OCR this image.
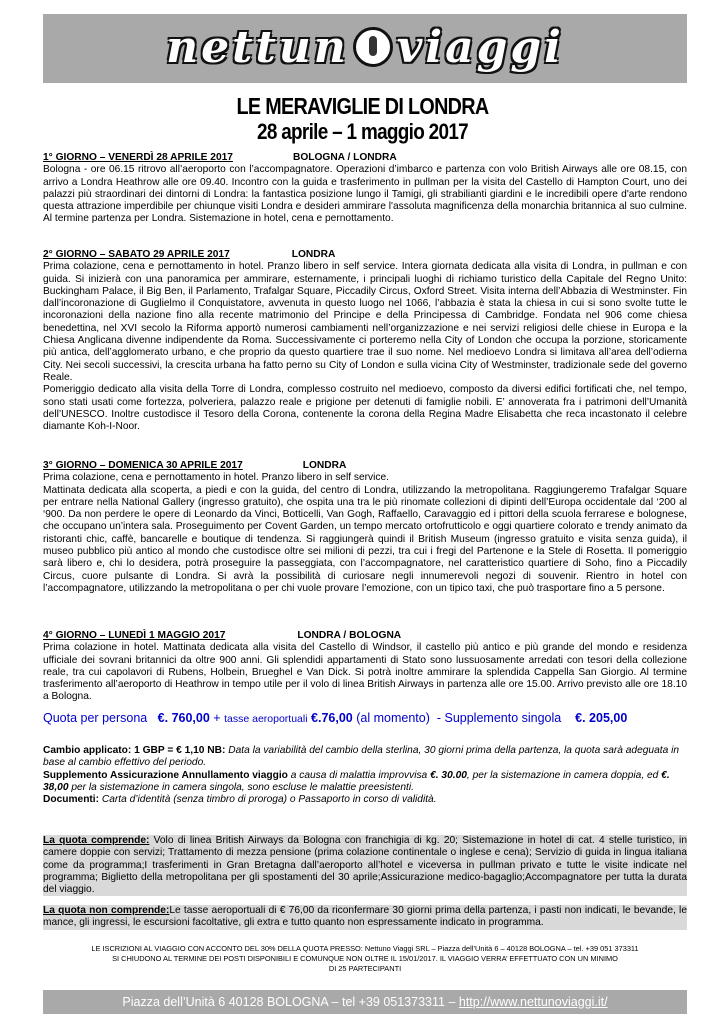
nettun viaggi
LE MERAVIGLIE DI LONDRA
28 aprile – 1 maggio 2017
1° GIORNO – VENERDÌ 28 APRILE 2017	BOLOGNA / LONDRA

Bologna - ore 06.15 ritrovo all’aeroporto con l’accompagnatore. Operazioni d’imbarco e partenza con volo British Airways alle ore 08.15, con arrivo a Londra Heathrow alle ore 09.40. Incontro con la guida e trasferimento in pullman per la visita del Castello di Hampton Court, uno dei palazzi più straordinari dei dintorni di Londra: la fantastica posizione lungo il Tamigi, gli strabilianti giardini e le incredibili opere d'arte rendono questa attrazione imperdibile per chiunque visiti Londra e desideri ammirare l'assoluta magnificenza della monarchia britannica al suo culmine. Al termine partenza per Londra. Sistemazione in hotel, cena e pernottamento.

2° GIORNO – SABATO 29 APRILE 2017	LONDRA

Prima colazione, cena e pernottamento in hotel. Pranzo libero in self service. Intera giornata dedicata alla visita di Londra, in pullman e con guida. Si inizierà con una panoramica per ammirare, esternamente, i principali luoghi di richiamo turistico della Capitale del Regno Unito: Buckingham Palace, il Big Ben, il Parlamento, Trafalgar Square, Piccadily Circus, Oxford Street. Visita interna dell’Abbazia di Westminster. Fin dall’incoronazione di Guglielmo il Conquistatore, avvenuta in questo luogo nel 1066, l’abbazia è stata la chiesa in cui si sono svolte tutte le incoronazioni della nazione fino alla recente matrimonio del Principe e della Principessa di Cambridge. Fondata nel 906 come chiesa benedettina, nel XVI secolo la Riforma apportò numerosi cambiamenti nell’organizzazione e nei servizi religiosi delle chiese in Europa e la Chiesa Anglicana divenne indipendente da Roma. Successivamente ci porteremo nella City of London che occupa la porzione, storicamente più antica, dell’agglomerato urbano, e che proprio da questo quartiere trae il suo nome. Nel medioevo Londra si limitava all’area dell’odierna City. Nei secoli successivi, la crescita urbana ha fatto perno su City of London e sulla vicina City of Westminster, tradizionale sede del governo Reale.

Pomeriggio dedicato alla visita della Torre di Londra, complesso costruito nel medioevo, composto da diversi edifici fortificati che, nel tempo, sono stati usati come fortezza, polveriera, palazzo reale e prigione per detenuti di famiglie nobili. E’ annoverata fra i patrimoni dell’Umanità dell’UNESCO. Inoltre custodisce il Tesoro della Corona, contenente la corona della Regina Madre Elisabetta che reca incastonato il celebre diamante Koh-I-Noor.

3° GIORNO – DOMENICA 30 APRILE 2017	LONDRA

Prima colazione, cena e pernottamento in hotel. Pranzo libero in self service.

Mattinata dedicata alla scoperta, a piedi e con la guida, del centro di Londra, utilizzando la metropolitana. Raggiungeremo Trafalgar Square per entrare nella National Gallery (ingresso gratuito), che ospita una tra le più rinomate collezioni di dipinti dell’Europa occidentale dal ‘200 al ‘900. Da non perdere le opere di Leonardo da Vinci, Botticelli, Van Gogh, Raffaello, Caravaggio ed i pittori della scuola ferrarese e bolognese, che occupano un’intera sala. Proseguimento per Covent Garden, un tempo mercato ortofrutticolo e oggi quartiere colorato e trendy animato da ristoranti chic, caffè, bancarelle e boutique di tendenza. Si raggiungerà quindi il British Museum (ingresso gratuito e visita senza guida), il museo pubblico più antico al mondo che custodisce oltre sei milioni di pezzi, tra cui i fregi del Partenone e la Stele di Rosetta. Il pomeriggio sarà libero e, chi lo desidera, potrà proseguire la passeggiata, con l’accompagnatore, nel caratteristico quartiere di Soho, fino a Piccadily Circus, cuore pulsante di Londra. Si avrà la possibilità di curiosare negli innumerevoli negozi di souvenir. Rientro in hotel con l’accompagnatore, utilizzando la metropolitana o per chi vuole provare l’emozione, con un tipico taxi, che può trasportare fino a 5 persone.

4° GIORNO – LUNEDÌ 1 MAGGIO 2017	LONDRA / BOLOGNA

Prima colazione in hotel. Mattinata dedicata alla visita del Castello di Windsor, il castello più antico e più grande del mondo e residenza ufficiale dei sovrani britannici da oltre 900 anni. Gli splendidi appartamenti di Stato sono lussuosamente arredati con tesori della collezione reale, tra cui capolavori di Rubens, Holbein, Brueghel e Van Dick. Si potrà inoltre ammirare la splendida Cappella San Giorgio. Al termine trasferimento all’aeroporto di Heathrow in tempo utile per il volo di linea British Airways in partenza alle ore 15.00. Arrivo previsto alle ore 18.10 a Bologna.

Quota per persona €. 760,00 + tasse aeroportuali €.76,00 (al momento) - Supplemento singola €. 205,00

Cambio applicato: 1 GBP = € 1,10 NB: Data la variabilità del cambio della sterlina, 30 giorni prima della partenza, la quota sarà adeguata in base al cambio effettivo del periodo.

Supplemento Assicurazione Annullamento viaggio a causa di malattia improvvisa €. 30.00, per la sistemazione in camera doppia, ed €. 38,00 per la sistemazione in camera singola, sono escluse le malattie preesistenti.

Documenti: Carta d’identità (senza timbro di proroga) o Passaporto in corso di validità.

La quota comprende: Volo di linea British Airways da Bologna con franchigia di kg. 20; Sistemazione in hotel di cat. 4 stelle turistico, in camere doppie con servizi; Trattamento di mezza pensione (prima colazione continentale o inglese e cena); Servizio di guida in lingua italiana come da programma;I trasferimenti in Gran Bretagna dall’aeroporto all’hotel e viceversa in pullman privato e tutte le visite indicate nel programma; Biglietto della metropolitana per gli spostamenti del 30 aprile;Assicurazione medico-bagaglio;Accompagnatore per tutta la durata del viaggio.
La quota non comprende:Le tasse aeroportuali di € 76,00 da riconfermare 30 giorni prima della partenza, i pasti non indicati, le bevande, le mance, gli ingressi, le escursioni facoltative, gli extra e tutto quanto non espressamente indicato in programma.
LE ISCRIZIONI AL VIAGGIO CON ACCONTO DEL 30% DELLA QUOTA PRESSO: Nettuno Viaggi SRL – Piazza dell’Unità 6 – 40128 BOLOGNA – tel. +39 051 373311
SI CHIUDONO AL TERMINE DEI POSTI DISPONIBILI E COMUNQUE NON OLTRE IL 15/01/2017. IL VIAGGIO VERRA’ EFFETTUATO CON UN MINIMO
DI 25 PARTECIPANTI
Piazza dell’Unità 6 40128 BOLOGNA – tel +39 051373311 – http://www.nettunoviaggi.it/
